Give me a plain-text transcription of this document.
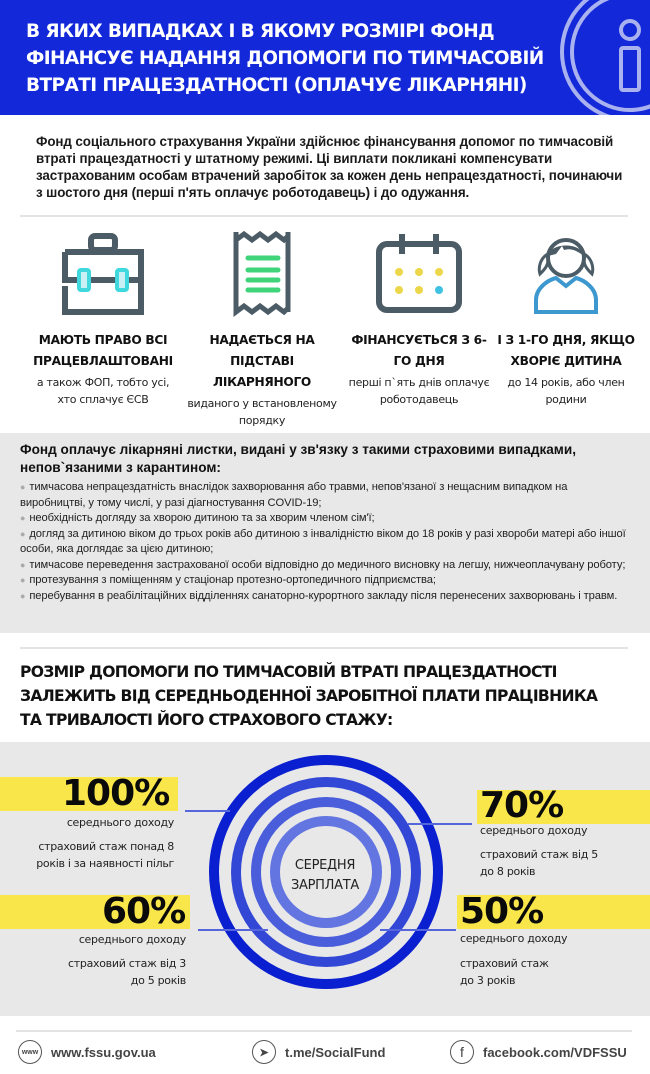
В ЯКИХ ВИПАДКАХ І В ЯКОМУ РОЗМІРІ ФОНД ФІНАНСУЄ НАДАННЯ ДОПОМОГИ ПО ТИМЧАСОВІЙ ВТРАТІ ПРАЦЕЗДАТНОСТІ (ОПЛАЧУЄ ЛІКАРНЯНІ)
Фонд соціального страхування України здійснює фінансування допомог по тимчасовій втраті працездатності у штатному режимі. Ці виплати покликані компенсувати застрахованим особам втрачений заробіток за кожен день непрацездатності, починаючи з шостого дня (перші п'ять оплачує роботодавець) і до одужання.
МАЮТЬ ПРАВО ВСІ ПРАЦЕВЛАШТОВАНІ
а також ФОП, тобто усі, хто сплачує ЄСВ
НАДАЄТЬСЯ НА ПІДСТАВІ ЛІКАРНЯНОГО
виданого у встановленому порядку
ФІНАНСУЄТЬСЯ З 6-ГО ДНЯ
перші п`ять днів оплачує роботодавець
І З 1-ГО ДНЯ, ЯКЩО ХВОРІЄ ДИТИНА
до 14 років, або член родини
Фонд оплачує лікарняні листки, видані у зв'язку з такими страховими випадками, непов`язаними з карантином:
● тимчасова непрацездатність внаслідок захворювання або травми, непов'язаної з нещасним випадком на виробництві, у тому числі, у разі діагностування COVID-19;
● необхідність догляду за хворою дитиною та за хворим членом сім'ї;
● догляд за дитиною віком до трьох років або дитиною з інвалідністю віком до 18 років у разі хвороби матері або іншої особи, яка доглядає за цією дитиною;
● тимчасове переведення застрахованої особи відповідно до медичного висновку на легшу, нижчеоплачувану роботу;
● протезування з поміщенням у стаціонар протезно-ортопедичного підприємства;
● перебування в реабілітаційних відділеннях санаторно-курортного закладу після перенесених захворювань і травм.
РОЗМІР ДОПОМОГИ ПО ТИМЧАСОВІЙ ВТРАТІ ПРАЦЕЗДАТНОСТІ ЗАЛЕЖИТЬ ВІД СЕРЕДНЬОДЕННОЇ ЗАРОБІТНОЇ ПЛАТИ ПРАЦІВНИКА ТА ТРИВАЛОСТІ ЙОГО СТРАХОВОГО СТАЖУ:
СЕРЕДНЯ ЗАРПЛАТА
100%
середнього доходу
страховий стаж понад 8 років і за наявності пільг
70%
середнього доходу
страховий стаж від 5 до 8 років
60%
середнього доходу
страховий стаж від 3 до 5 років
50%
середнього доходу
страховий стаж до 3 років
www www.fssu.gov.ua	➤	t.me/SocialFund	f	facebook.com/VDFSSU
